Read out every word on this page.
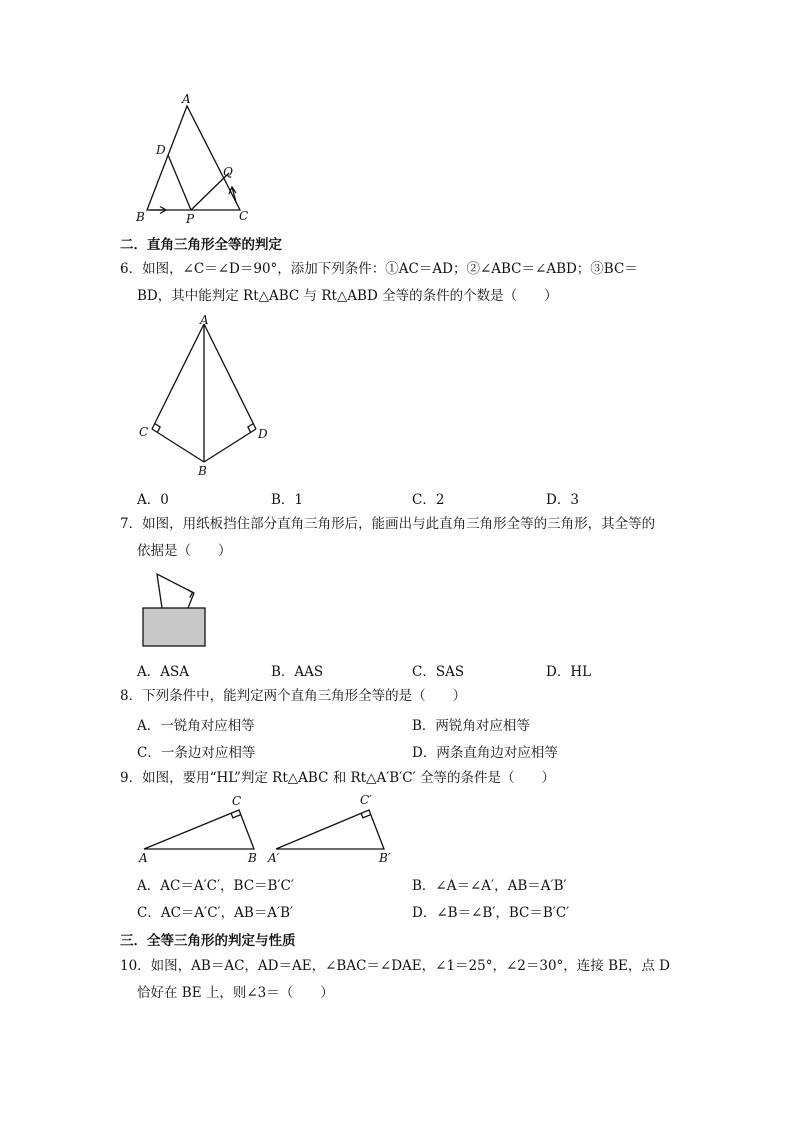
A
D
Q
B	P	C
二．直角三角形全等的判定
6．如图，∠C＝∠D＝90°，添加下列条件：①AC＝AD；②∠ABC＝∠ABD；③BC＝
BD，其中能判定 Rt△ABC 与 Rt△ABD 全等的条件的个数是（　　）
A
C	D
B
A．0	B．1	C．2	D．3
7．如图，用纸板挡住部分直角三角形后，能画出与此直角三角形全等的三角形，其全等的
依据是（　　）
A．ASA	B．AAS	C．SAS	D．HL
8．下列条件中，能判定两个直角三角形全等的是（　　）
A．一锐角对应相等	B．两锐角对应相等
C．一条边对应相等	D．两条直角边对应相等
9．如图，要用“HL”判定 Rt△ABC 和 Rt△A′B′C′ 全等的条件是（　　）
C
A	B
C′
A′	B′
A．AC＝A′C′，BC＝B′C′	B．∠A＝∠A′，AB＝A′B′
C．AC＝A′C′，AB＝A′B′	D．∠B＝∠B′，BC＝B′C′
三．全等三角形的判定与性质
10．如图，AB＝AC，AD＝AE，∠BAC＝∠DAE，∠1＝25°，∠2＝30°，连接 BE，点 D
恰好在 BE 上，则∠3＝（　　）
